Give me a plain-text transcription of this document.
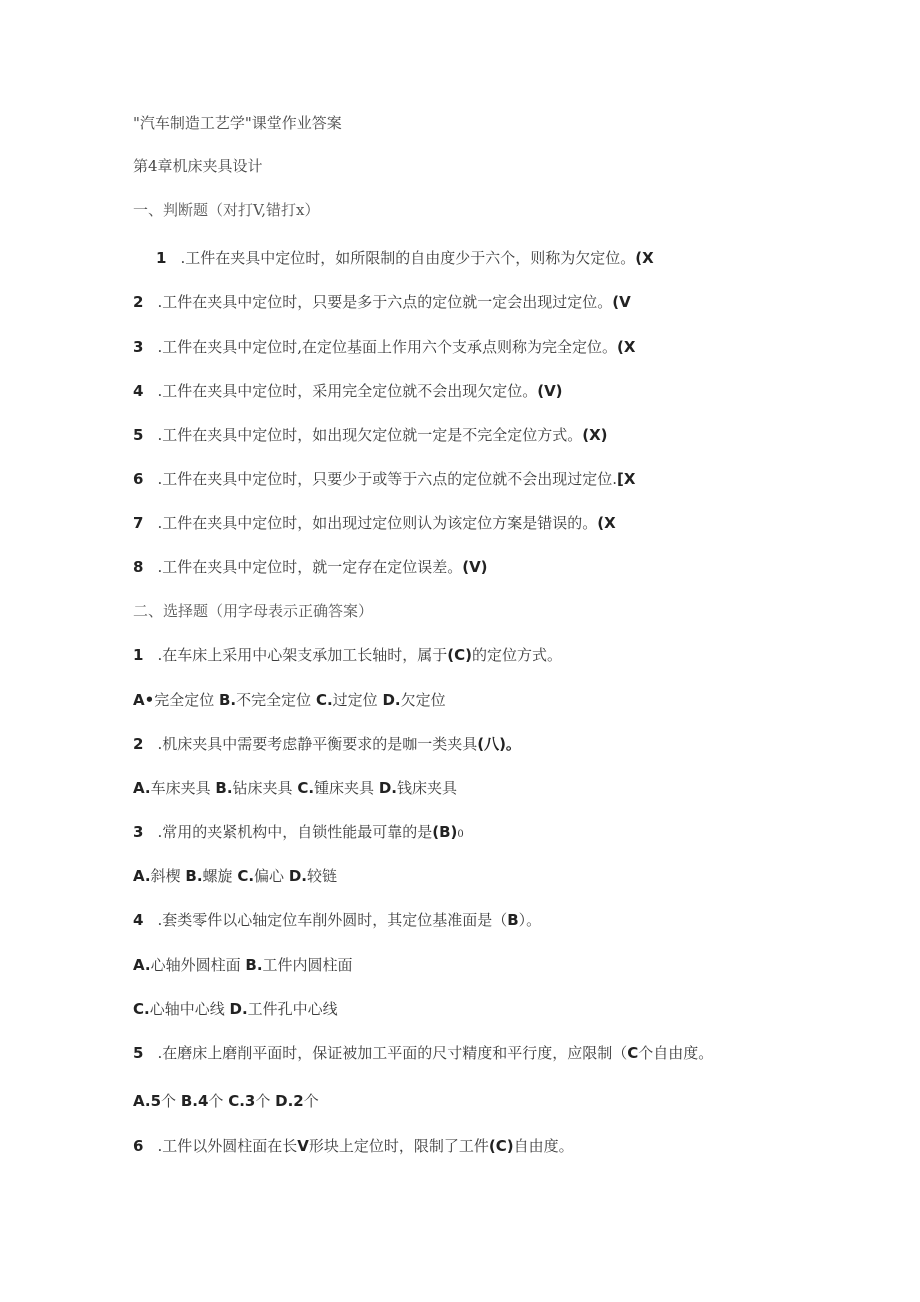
"汽车制造工艺学"课堂作业答案
第4章机床夹具设计
一、判断题（对打V,错打x）
1 .工件在夹具中定位时，如所限制的自由度少于六个，则称为欠定位。(X
2 .工件在夹具中定位时，只要是多于六点的定位就一定会出现过定位。(V
3 .工件在夹具中定位时,在定位基面上作用六个支承点则称为完全定位。(X
4 .工件在夹具中定位时，采用完全定位就不会出现欠定位。(V)
5 .工件在夹具中定位时，如出现欠定位就一定是不完全定位方式。(X)
6 .工件在夹具中定位时，只要少于或等于六点的定位就不会出现过定位.[X
7 .工件在夹具中定位时，如出现过定位则认为该定位方案是错误的。(X
8 .工件在夹具中定位时，就一定存在定位误差。(V)
二、选择题（用字母表示正确答案）
1 .在车床上采用中心架支承加工长轴时，属于(C)的定位方式。
A•完全定位 B.不完全定位 C.过定位 D.欠定位
2 .机床夹具中需要考虑静平衡要求的是咖一类夹具(八)。
A.车床夹具 B.钻床夹具 C.锺床夹具 D.钱床夹具
3 .常用的夹紧机构中，自锁性能最可靠的是(B)0
A.斜楔 B.螺旋 C.偏心 D.较链
4 .套类零件以心轴定位车削外圆时，其定位基准面是（B）。
A.心轴外圆柱面 B.工件内圆柱面
C.心轴中心线 D.工件孔中心线
5 .在磨床上磨削平面时，保证被加工平面的尺寸精度和平行度，应限制（C个自由度。
A.5个 B.4个 C.3个 D.2个
6 .工件以外圆柱面在长V形块上定位时，限制了工件(C)自由度。
